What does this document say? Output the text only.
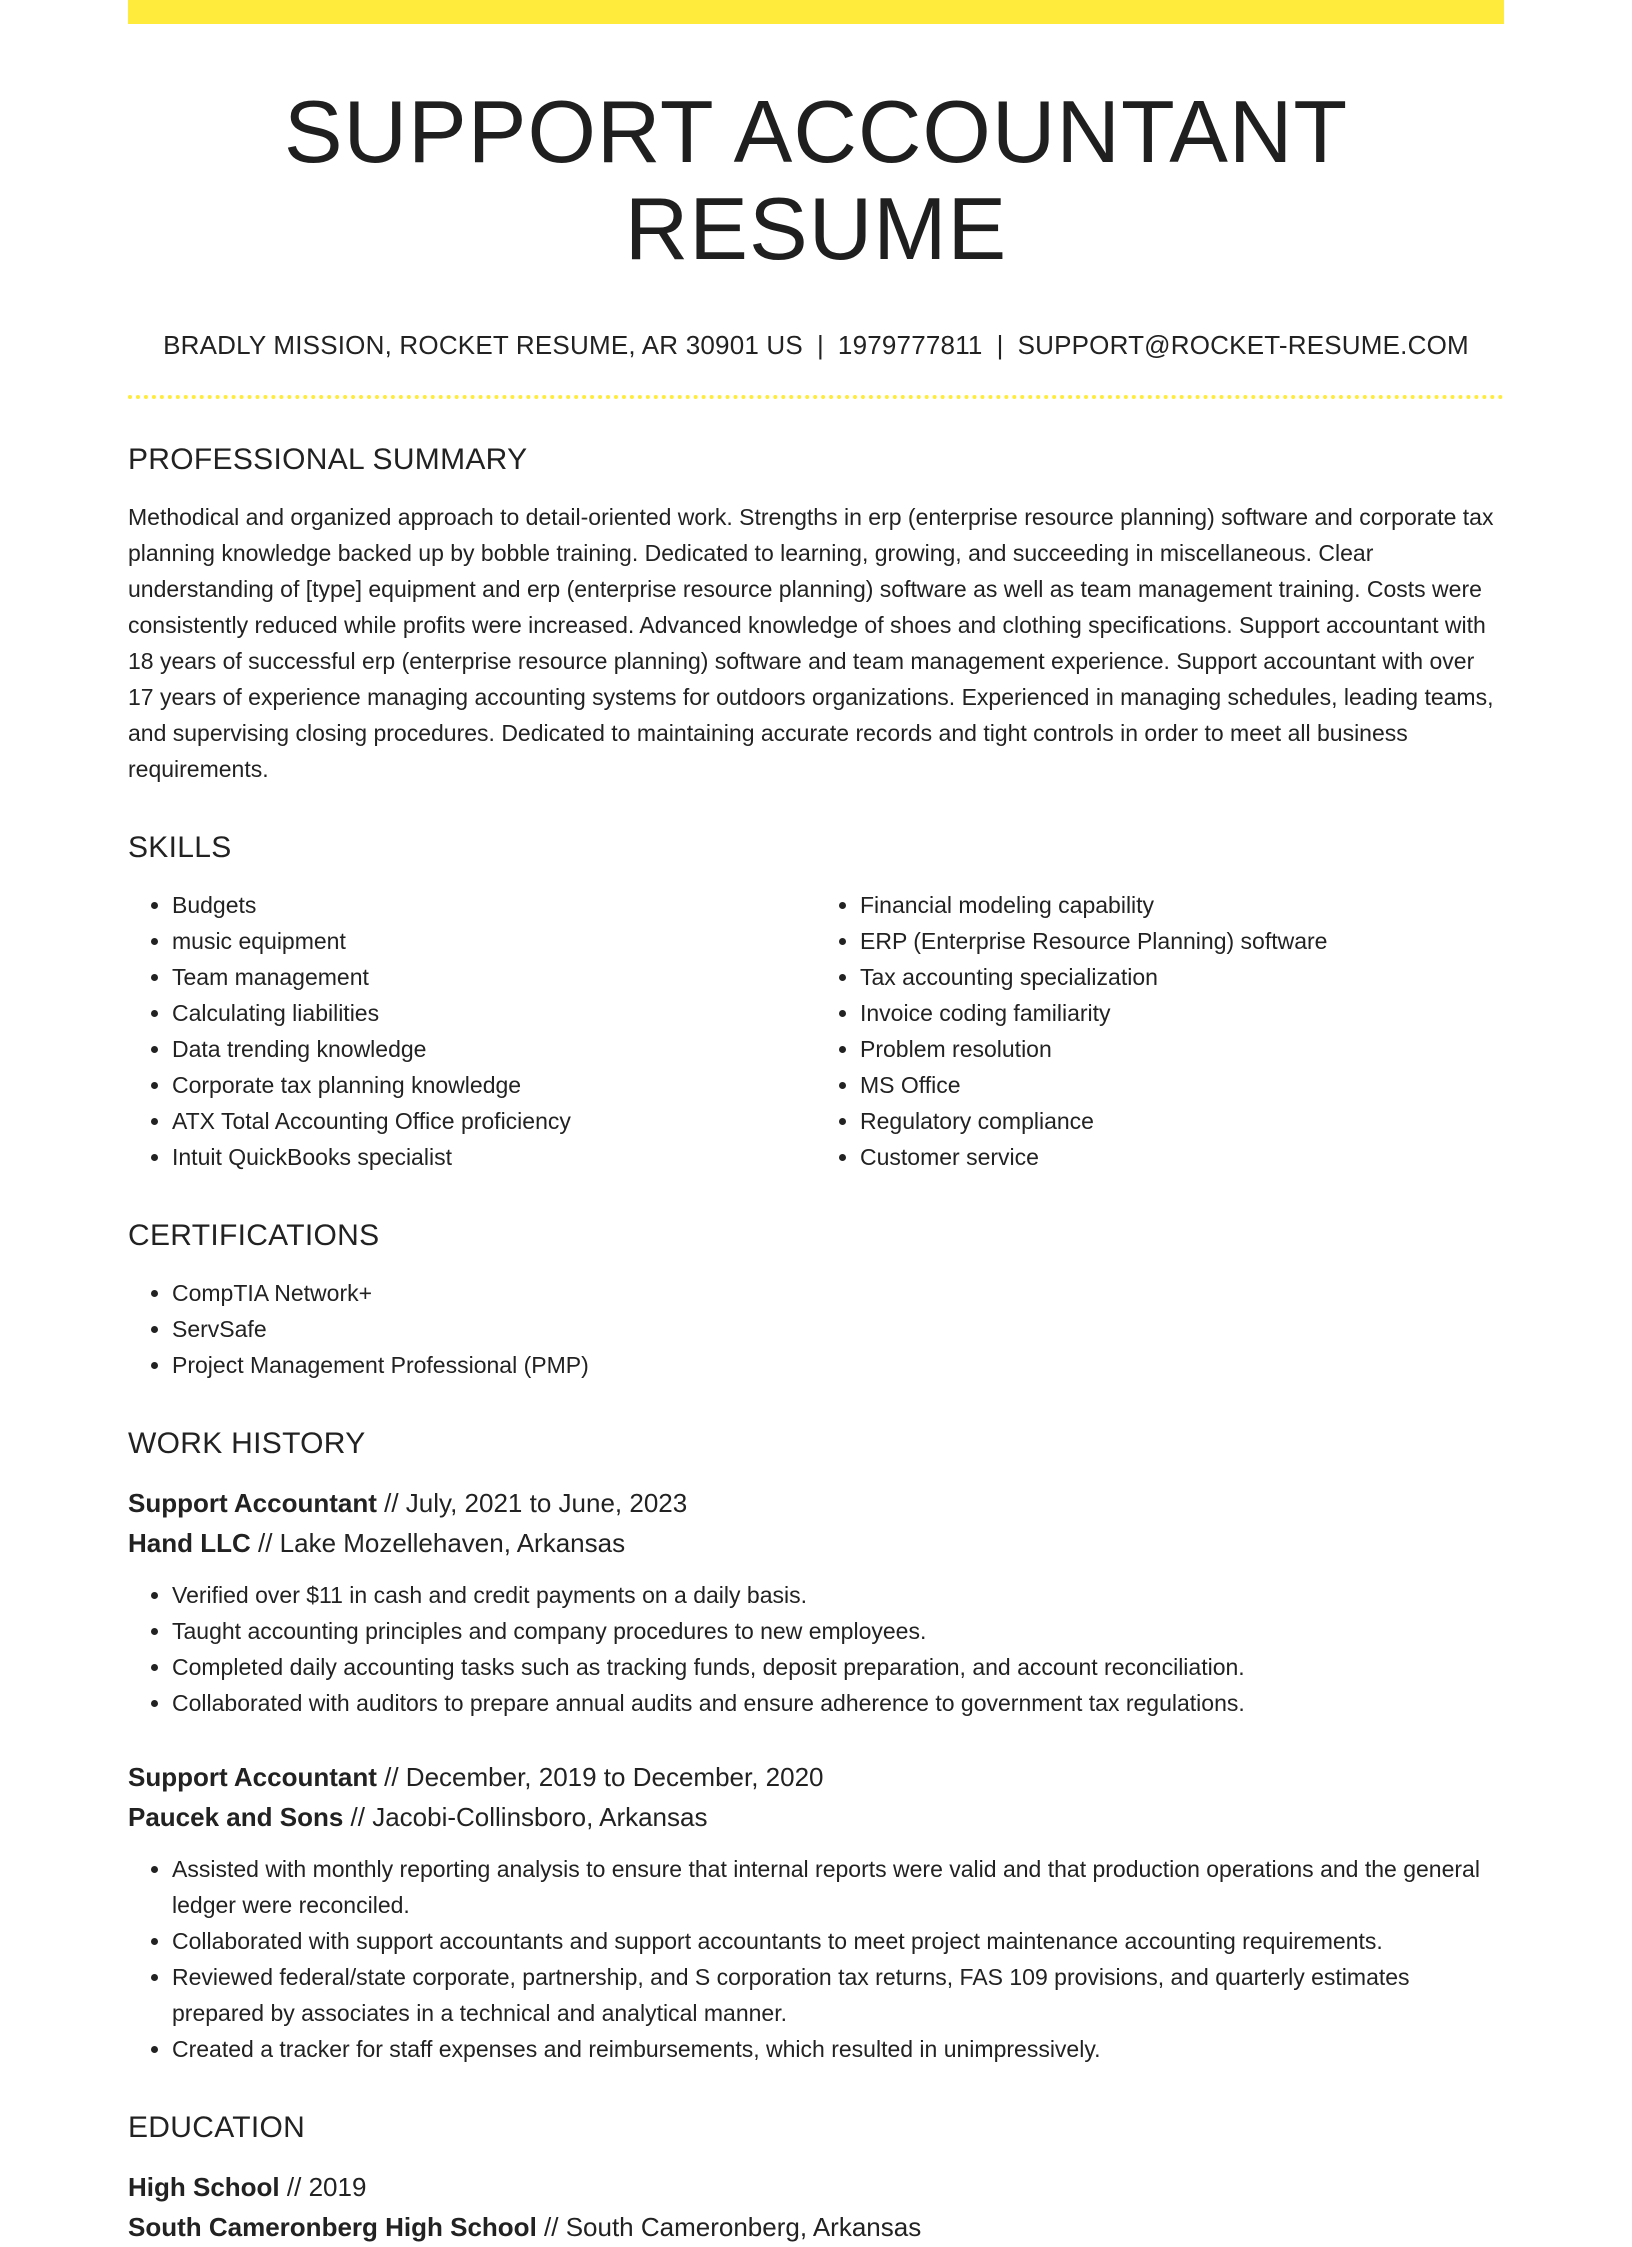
SUPPORT ACCOUNTANT RESUME
BRADLY MISSION, ROCKET RESUME, AR 30901 US | 1979777811 | SUPPORT@ROCKET-RESUME.COM
PROFESSIONAL SUMMARY

Methodical and organized approach to detail-oriented work. Strengths in erp (enterprise resource planning) software and corporate tax planning knowledge backed up by bobble training. Dedicated to learning, growing, and succeeding in miscellaneous. Clear understanding of [type] equipment and erp (enterprise resource planning) software as well as team management training. Costs were consistently reduced while profits were increased. Advanced knowledge of shoes and clothing specifications. Support accountant with 18 years of successful erp (enterprise resource planning) software and team management experience. Support accountant with over 17 years of experience managing accounting systems for outdoors organizations. Experienced in managing schedules, leading teams, and supervising closing procedures. Dedicated to maintaining accurate records and tight controls in order to meet all business requirements.

SKILLS
• Budgets
• music equipment
• Team management
• Calculating liabilities
• Data trending knowledge
• Corporate tax planning knowledge
• ATX Total Accounting Office proficiency
• Intuit QuickBooks specialist
• Financial modeling capability
• ERP (Enterprise Resource Planning) software
• Tax accounting specialization
• Invoice coding familiarity
• Problem resolution
• MS Office
• Regulatory compliance
• Customer service
CERTIFICATIONS
• CompTIA Network+
• ServSafe
• Project Management Professional (PMP)
WORK HISTORY
Support Accountant // July, 2021 to June, 2023
Hand LLC // Lake Mozellehaven, Arkansas
• Verified over $11 in cash and credit payments on a daily basis.
• Taught accounting principles and company procedures to new employees.
• Completed daily accounting tasks such as tracking funds, deposit preparation, and account reconciliation.
• Collaborated with auditors to prepare annual audits and ensure adherence to government tax regulations.
Support Accountant // December, 2019 to December, 2020
Paucek and Sons // Jacobi-Collinsboro, Arkansas
• Assisted with monthly reporting analysis to ensure that internal reports were valid and that production operations and the general ledger were reconciled.
• Collaborated with support accountants and support accountants to meet project maintenance accounting requirements.
• Reviewed federal/state corporate, partnership, and S corporation tax returns, FAS 109 provisions, and quarterly estimates prepared by associates in a technical and analytical manner.
• Created a tracker for staff expenses and reimbursements, which resulted in unimpressively.
EDUCATION
High School // 2019
South Cameronberg High School // South Cameronberg, Arkansas
